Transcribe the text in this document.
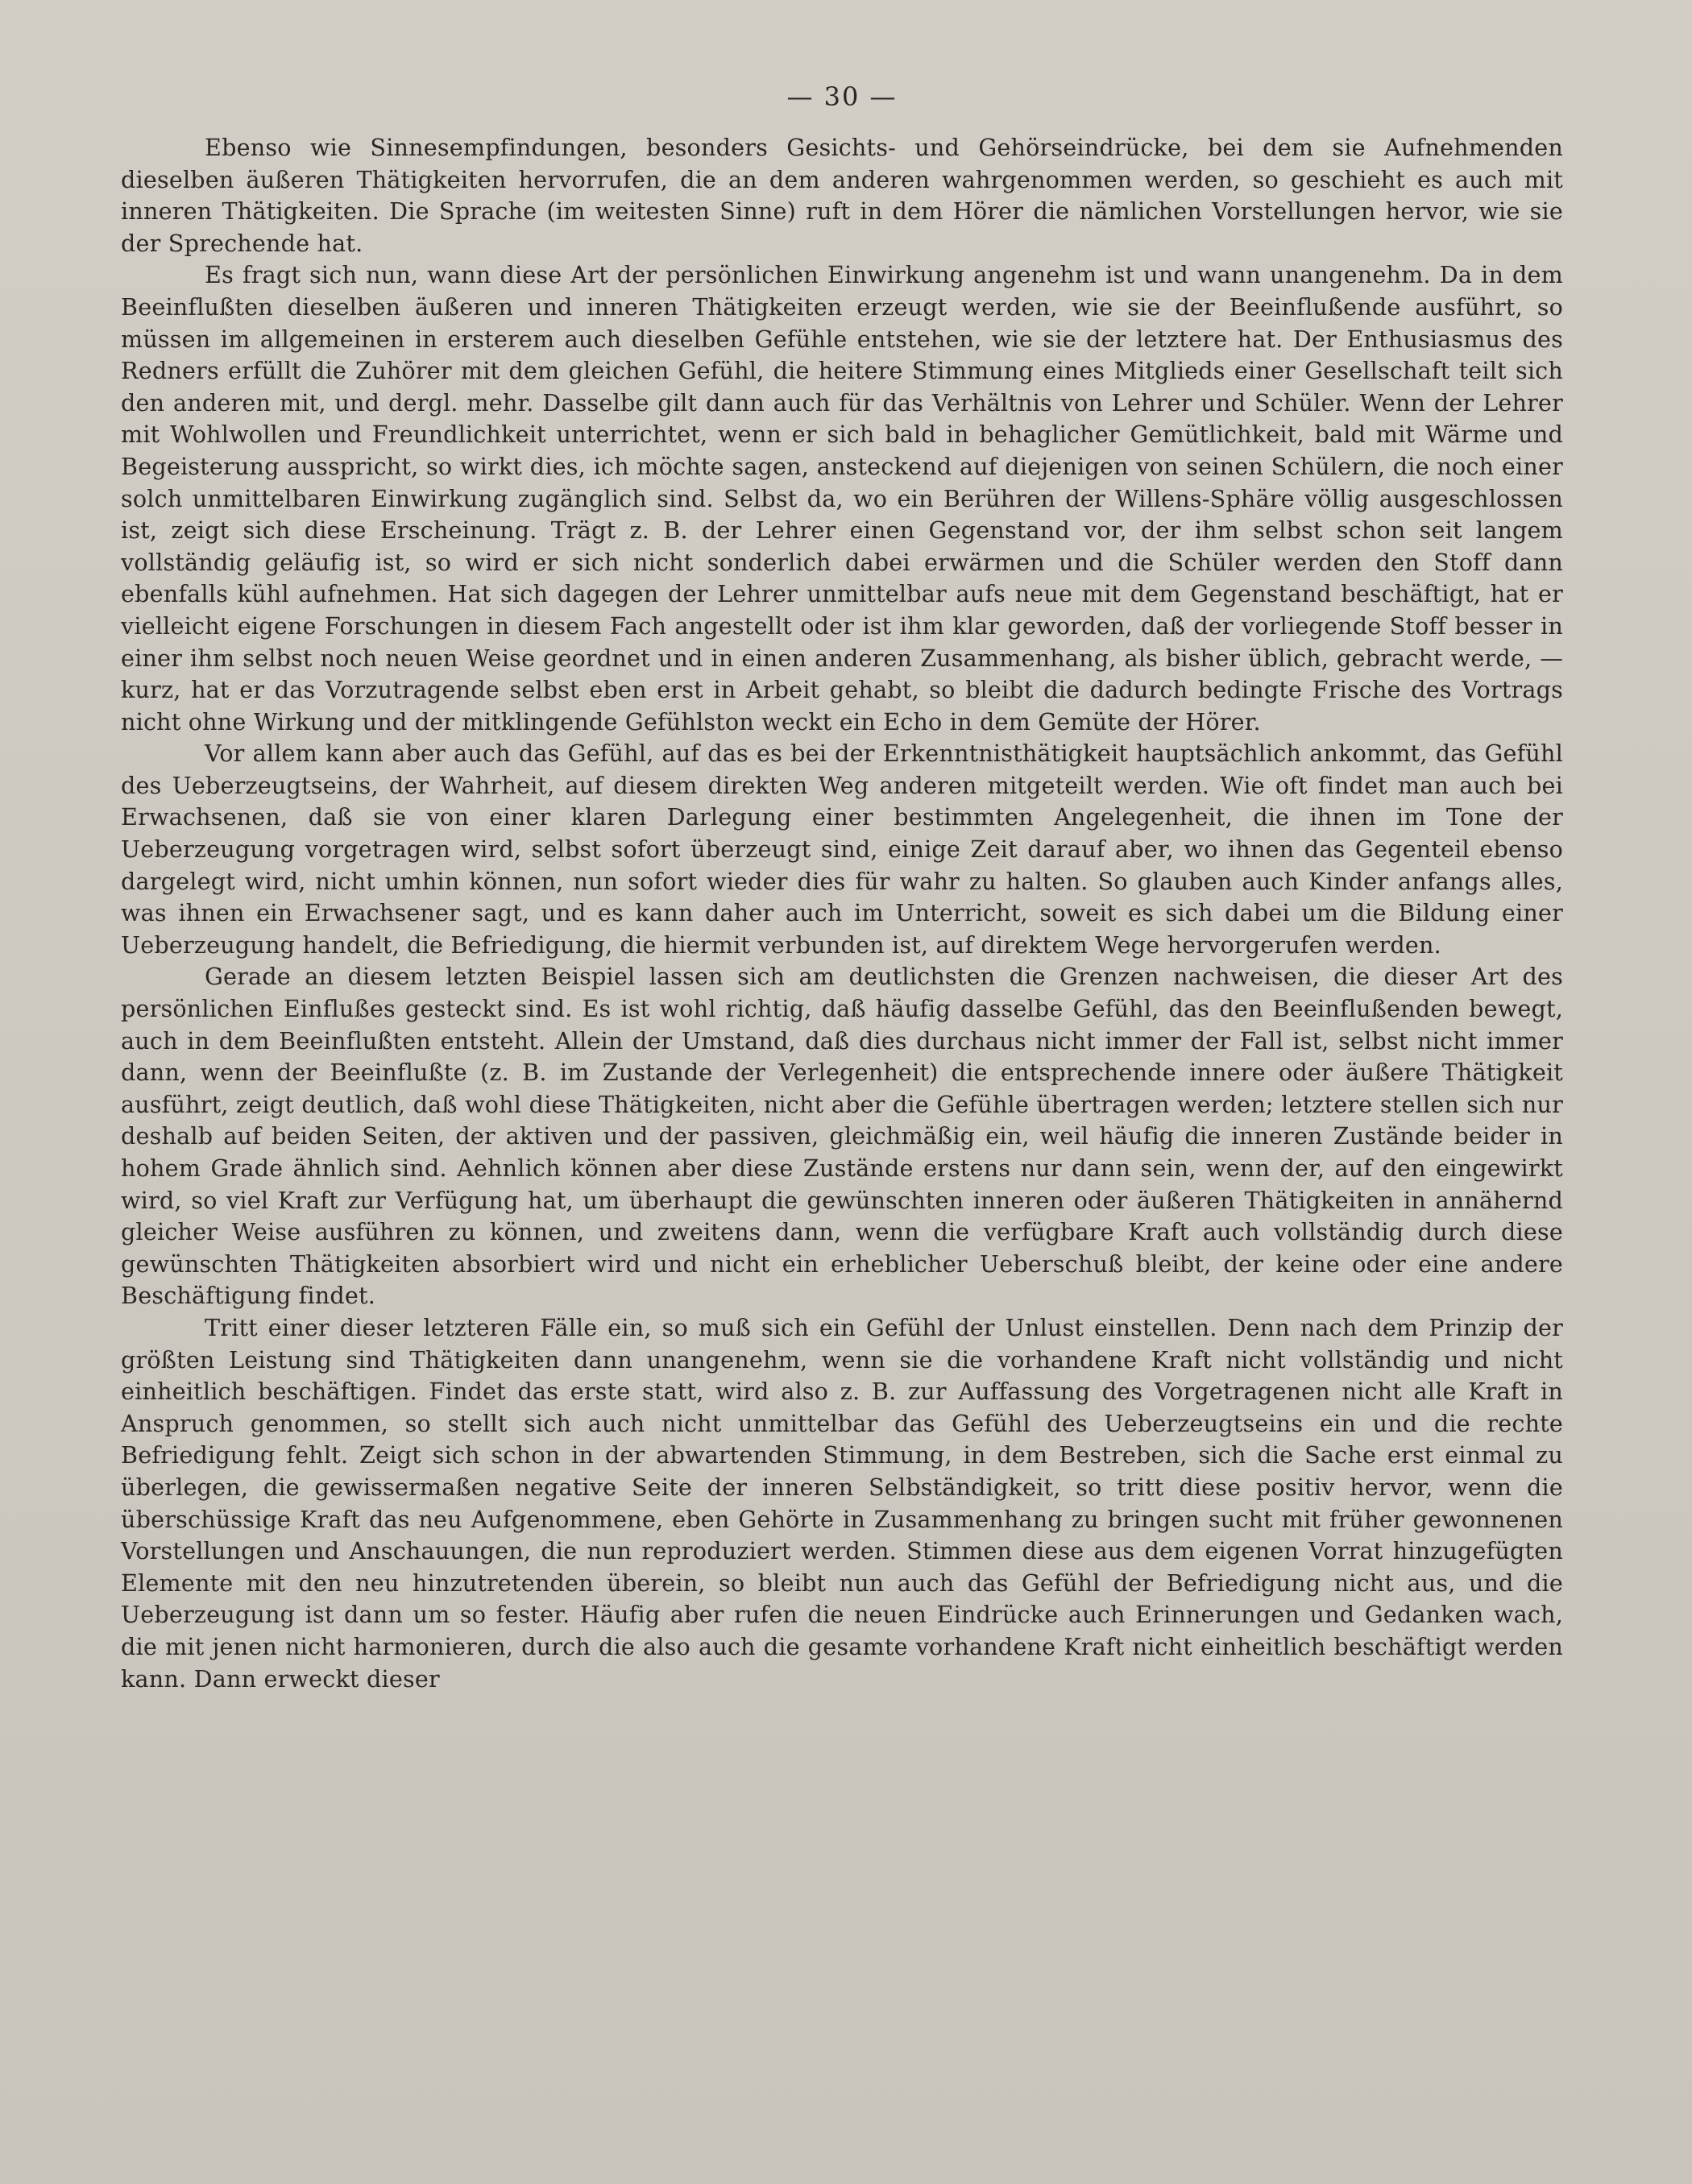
— 30 —

Ebenso wie Sinnesempfindungen, besonders Gesichts- und Gehörseindrücke, bei dem sie Aufnehmenden dieselben äußeren Thätigkeiten hervorrufen, die an dem anderen wahrgenommen werden, so geschieht es auch mit inneren Thätigkeiten. Die Sprache (im weitesten Sinne) ruft in dem Hörer die nämlichen Vorstellungen hervor, wie sie der Sprechende hat.

Es fragt sich nun, wann diese Art der persönlichen Einwirkung angenehm ist und wann unangenehm. Da in dem Beeinflußten dieselben äußeren und inneren Thätigkeiten erzeugt werden, wie sie der Beeinflußende ausführt, so müssen im allgemeinen in ersterem auch dieselben Gefühle entstehen, wie sie der letztere hat. Der Enthusiasmus des Redners erfüllt die Zuhörer mit dem gleichen Gefühl, die heitere Stimmung eines Mitglieds einer Gesellschaft teilt sich den anderen mit, und dergl. mehr. Dasselbe gilt dann auch für das Verhältnis von Lehrer und Schüler. Wenn der Lehrer mit Wohlwollen und Freundlichkeit unterrichtet, wenn er sich bald in behaglicher Gemütlichkeit, bald mit Wärme und Begeisterung ausspricht, so wirkt dies, ich möchte sagen, ansteckend auf diejenigen von seinen Schülern, die noch einer solch unmittelbaren Einwirkung zugänglich sind. Selbst da, wo ein Berühren der Willens-Sphäre völlig ausgeschlossen ist, zeigt sich diese Erscheinung. Trägt z. B. der Lehrer einen Gegenstand vor, der ihm selbst schon seit langem vollständig geläufig ist, so wird er sich nicht sonderlich dabei erwärmen und die Schüler werden den Stoff dann ebenfalls kühl aufnehmen. Hat sich dagegen der Lehrer unmittelbar aufs neue mit dem Gegenstand beschäftigt, hat er vielleicht eigene Forschungen in diesem Fach angestellt oder ist ihm klar geworden, daß der vorliegende Stoff besser in einer ihm selbst noch neuen Weise geordnet und in einen anderen Zusammenhang, als bisher üblich, gebracht werde, — kurz, hat er das Vorzutragende selbst eben erst in Arbeit gehabt, so bleibt die dadurch bedingte Frische des Vortrags nicht ohne Wirkung und der mitklingende Gefühlston weckt ein Echo in dem Gemüte der Hörer.

Vor allem kann aber auch das Gefühl, auf das es bei der Erkenntnisthätigkeit hauptsächlich ankommt, das Gefühl des Ueberzeugtseins, der Wahrheit, auf diesem direkten Weg anderen mitgeteilt werden. Wie oft findet man auch bei Erwachsenen, daß sie von einer klaren Darlegung einer bestimmten Angelegenheit, die ihnen im Tone der Ueberzeugung vorgetragen wird, selbst sofort überzeugt sind, einige Zeit darauf aber, wo ihnen das Gegenteil ebenso dargelegt wird, nicht umhin können, nun sofort wieder dies für wahr zu halten. So glauben auch Kinder anfangs alles, was ihnen ein Erwachsener sagt, und es kann daher auch im Unterricht, soweit es sich dabei um die Bildung einer Ueberzeugung handelt, die Befriedigung, die hiermit verbunden ist, auf direktem Wege hervorgerufen werden.

Gerade an diesem letzten Beispiel lassen sich am deutlichsten die Grenzen nachweisen, die dieser Art des persönlichen Einflußes gesteckt sind. Es ist wohl richtig, daß häufig dasselbe Gefühl, das den Beeinflußenden bewegt, auch in dem Beeinflußten entsteht. Allein der Umstand, daß dies durchaus nicht immer der Fall ist, selbst nicht immer dann, wenn der Beeinflußte (z. B. im Zustande der Verlegenheit) die entsprechende innere oder äußere Thätigkeit ausführt, zeigt deutlich, daß wohl diese Thätigkeiten, nicht aber die Gefühle übertragen werden; letztere stellen sich nur deshalb auf beiden Seiten, der aktiven und der passiven, gleichmäßig ein, weil häufig die inneren Zustände beider in hohem Grade ähnlich sind. Aehnlich können aber diese Zustände erstens nur dann sein, wenn der, auf den eingewirkt wird, so viel Kraft zur Verfügung hat, um überhaupt die gewünschten inneren oder äußeren Thätigkeiten in annähernd gleicher Weise ausführen zu können, und zweitens dann, wenn die verfügbare Kraft auch vollständig durch diese gewünschten Thätigkeiten absorbiert wird und nicht ein erheblicher Ueberschuß bleibt, der keine oder eine andere Beschäftigung findet.

Tritt einer dieser letzteren Fälle ein, so muß sich ein Gefühl der Unlust einstellen. Denn nach dem Prinzip der größten Leistung sind Thätigkeiten dann unangenehm, wenn sie die vorhandene Kraft nicht vollständig und nicht einheitlich beschäftigen. Findet das erste statt, wird also z. B. zur Auffassung des Vorgetragenen nicht alle Kraft in Anspruch genommen, so stellt sich auch nicht unmittelbar das Gefühl des Ueberzeugtseins ein und die rechte Befriedigung fehlt. Zeigt sich schon in der abwartenden Stimmung, in dem Bestreben, sich die Sache erst einmal zu überlegen, die gewissermaßen negative Seite der inneren Selbständigkeit, so tritt diese positiv hervor, wenn die überschüssige Kraft das neu Aufgenommene, eben Gehörte in Zusammenhang zu bringen sucht mit früher gewonnenen Vorstellungen und Anschauungen, die nun reproduziert werden. Stimmen diese aus dem eigenen Vorrat hinzugefügten Elemente mit den neu hinzutretenden überein, so bleibt nun auch das Gefühl der Befriedigung nicht aus, und die Ueberzeugung ist dann um so fester. Häufig aber rufen die neuen Eindrücke auch Erinnerungen und Gedanken wach, die mit jenen nicht harmonieren, durch die also auch die gesamte vorhandene Kraft nicht einheitlich beschäftigt werden kann. Dann erweckt dieser
